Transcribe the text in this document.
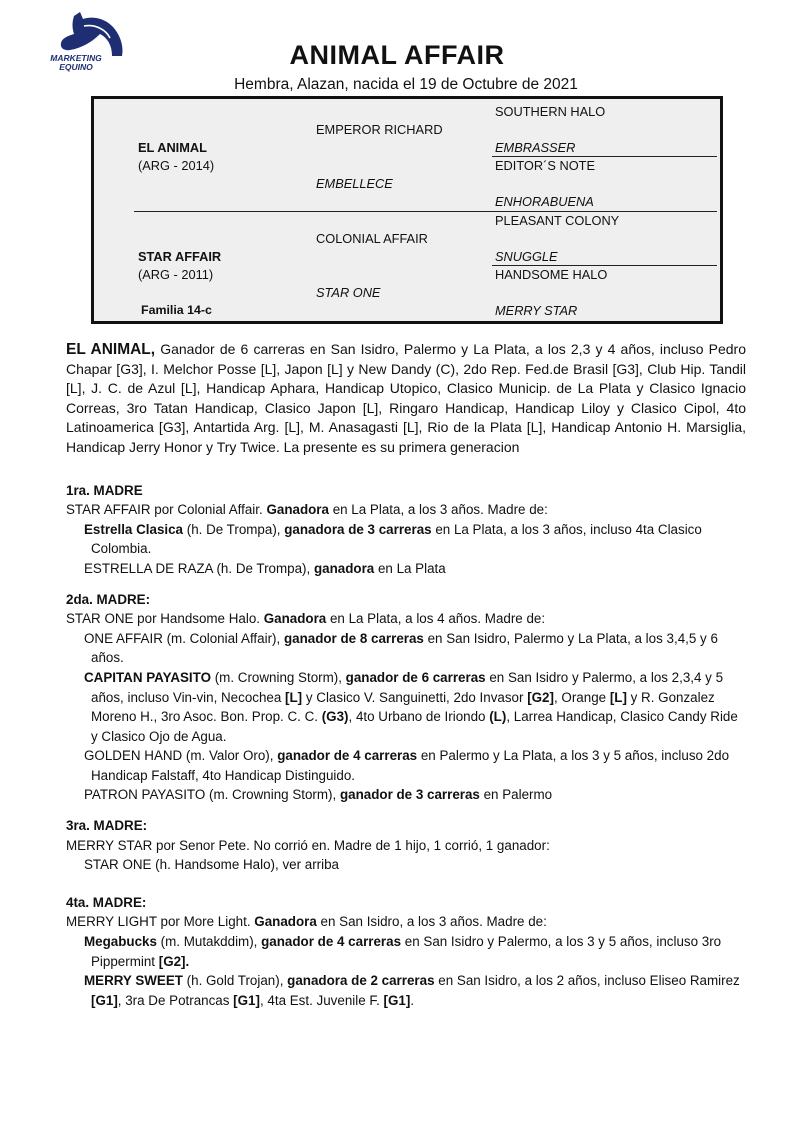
MARKETING
EQUINO	ANIMAL AFFAIR
Hembra, Alazan, nacida el 19 de Octubre de 2021
EL ANIMAL
(ARG - 2014)
EMPEROR RICHARD
EMBELLECE
SOUTHERN HALO
EMBRASSER
EDITOR´S NOTE
ENHORABUENA
STAR AFFAIR
(ARG - 2011)
COLONIAL AFFAIR
STAR ONE
PLEASANT COLONY
SNUGGLE
HANDSOME HALO
MERRY STAR
Familia 14-c

EL ANIMAL, Ganador de 6 carreras en San Isidro, Palermo y La Plata, a los 2,3 y 4 años, incluso Pedro Chapar [G3], I. Melchor Posse [L], Japon [L] y New Dandy (C), 2do Rep. Fed.de Brasil [G3], Club Hip. Tandil [L], J. C. de Azul [L], Handicap Aphara, Handicap Utopico, Clasico Municip. de La Plata y Clasico Ignacio Correas, 3ro Tatan Handicap, Clasico Japon [L], Ringaro Handicap, Handicap Liloy y Clasico Cipol, 4to Latinoamerica [G3], Antartida Arg. [L], M. Anasagasti [L], Rio de la Plata [L], Handicap Antonio H. Marsiglia, Handicap Jerry Honor y Try Twice. La presente es su primera generacion

1ra. MADRE

STAR AFFAIR por Colonial Affair. Ganadora en La Plata, a los 3 años. Madre de:

Estrella Clasica (h. De Trompa), ganadora de 3 carreras en La Plata, a los 3 años, incluso 4ta Clasico Colombia.

ESTRELLA DE RAZA (h. De Trompa), ganadora en La Plata

2da. MADRE:

STAR ONE por Handsome Halo. Ganadora en La Plata, a los 4 años. Madre de:

ONE AFFAIR (m. Colonial Affair), ganador de 8 carreras en San Isidro, Palermo y La Plata, a los 3,4,5 y 6 años.

CAPITAN PAYASITO (m. Crowning Storm), ganador de 6 carreras en San Isidro y Palermo, a los 2,3,4 y 5 años, incluso Vin-vin, Necochea [L] y Clasico V. Sanguinetti, 2do Invasor [G2], Orange [L] y R. Gonzalez Moreno H., 3ro Asoc. Bon. Prop. C. C. (G3), 4to Urbano de Iriondo (L), Larrea Handicap, Clasico Candy Ride y Clasico Ojo de Agua.

GOLDEN HAND (m. Valor Oro), ganador de 4 carreras en Palermo y La Plata, a los 3 y 5 años, incluso 2do Handicap Falstaff, 4to Handicap Distinguido.

PATRON PAYASITO (m. Crowning Storm), ganador de 3 carreras en Palermo

3ra. MADRE:

MERRY STAR por Senor Pete. No corrió en. Madre de 1 hijo, 1 corrió, 1 ganador:

STAR ONE (h. Handsome Halo), ver arriba

4ta. MADRE:

MERRY LIGHT por More Light. Ganadora en San Isidro, a los 3 años. Madre de:

Megabucks (m. Mutakddim), ganador de 4 carreras en San Isidro y Palermo, a los 3 y 5 años, incluso 3ro Pippermint [G2].

MERRY SWEET (h. Gold Trojan), ganadora de 2 carreras en San Isidro, a los 2 años, incluso Eliseo Ramirez [G1], 3ra De Potrancas [G1], 4ta Est. Juvenile F. [G1].
